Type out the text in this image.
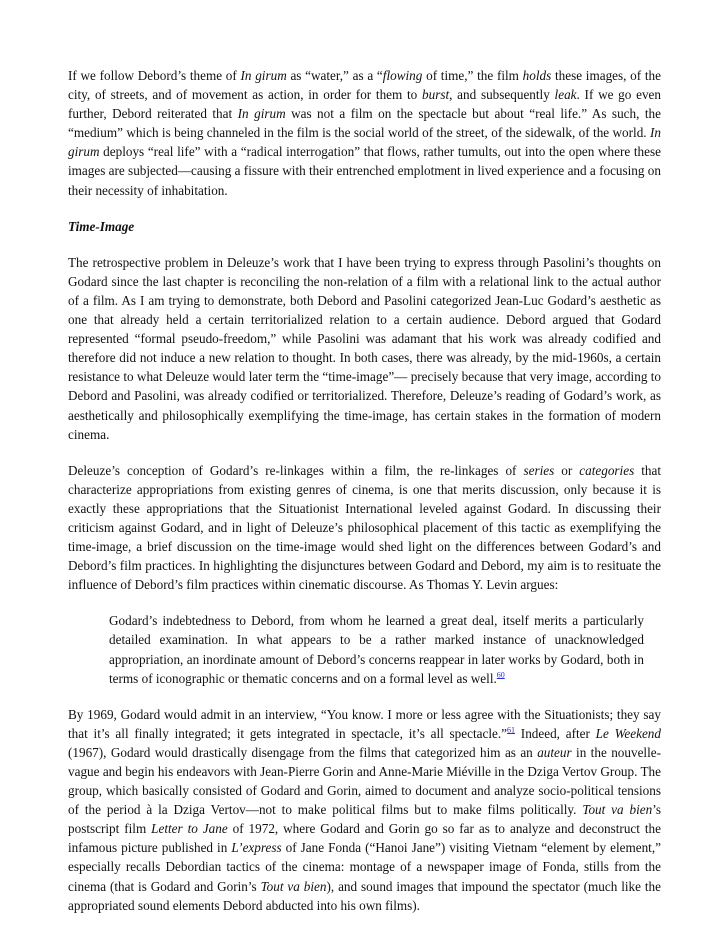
If we follow Debord’s theme of In girum as “water,” as a “flowing of time,” the film holds these images, of the city, of streets, and of movement as action, in order for them to burst, and subsequently leak. If we go even further, Debord reiterated that In girum was not a film on the spectacle but about “real life.” As such, the “medium” which is being channeled in the film is the social world of the street, of the sidewalk, of the world. In girum deploys “real life” with a “radical interrogation” that flows, rather tumults, out into the open where these images are subjected—causing a fissure with their entrenched emplotment in lived experience and a focusing on their necessity of inhabitation.

Time-Image

The retrospective problem in Deleuze’s work that I have been trying to express through Pasolini’s thoughts on Godard since the last chapter is reconciling the non-relation of a film with a relational link to the actual author of a film. As I am trying to demonstrate, both Debord and Pasolini categorized Jean-Luc Godard’s aesthetic as one that already held a certain territorialized relation to a certain audience. Debord argued that Godard represented “formal pseudo-freedom,” while Pasolini was adamant that his work was already codified and therefore did not induce a new relation to thought. In both cases, there was already, by the mid-1960s, a certain resistance to what Deleuze would later term the “time-image”— precisely because that very image, according to Debord and Pasolini, was already codified or territorialized. Therefore, Deleuze’s reading of Godard’s work, as aesthetically and philosophically exemplifying the time-image, has certain stakes in the formation of modern cinema.

Deleuze’s conception of Godard’s re-linkages within a film, the re-linkages of series or categories that characterize appropriations from existing genres of cinema, is one that merits discussion, only because it is exactly these appropriations that the Situationist International leveled against Godard. In discussing their criticism against Godard, and in light of Deleuze’s philosophical placement of this tactic as exemplifying the time-image, a brief discussion on the time-image would shed light on the differences between Godard’s and Debord’s film practices. In highlighting the disjunctures between Godard and Debord, my aim is to resituate the influence of Debord’s film practices within cinematic discourse. As Thomas Y. Levin argues:

Godard’s indebtedness to Debord, from whom he learned a great deal, itself merits a particularly detailed examination. In what appears to be a rather marked instance of unacknowledged appropriation, an inordinate amount of Debord’s concerns reappear in later works by Godard, both in terms of iconographic or thematic concerns and on a formal level as well.$^{60}$

By 1969, Godard would admit in an interview, “You know. I more or less agree with the Situationists; they say that it’s all finally integrated; it gets integrated in spectacle, it’s all spectacle.”$^{61}$ Indeed, after Le Weekend (1967), Godard would drastically disengage from the films that categorized him as an auteur in the nouvelle-vague and begin his endeavors with Jean-Pierre Gorin and Anne-Marie Miéville in the Dziga Vertov Group. The group, which basically consisted of Godard and Gorin, aimed to document and analyze socio-political tensions of the period à la Dziga Vertov—not to make political films but to make films politically. Tout va bien’s postscript film Letter to Jane of 1972, where Godard and Gorin go so far as to analyze and deconstruct the infamous picture published in L’express of Jane Fonda (“Hanoi Jane”) visiting Vietnam “element by element,” especially recalls Debordian tactics of the cinema: montage of a newspaper image of Fonda, stills from the cinema (that is Godard and Gorin’s Tout va bien), and sound images that impound the spectator (much like the appropriated sound elements Debord abducted into his own films).
